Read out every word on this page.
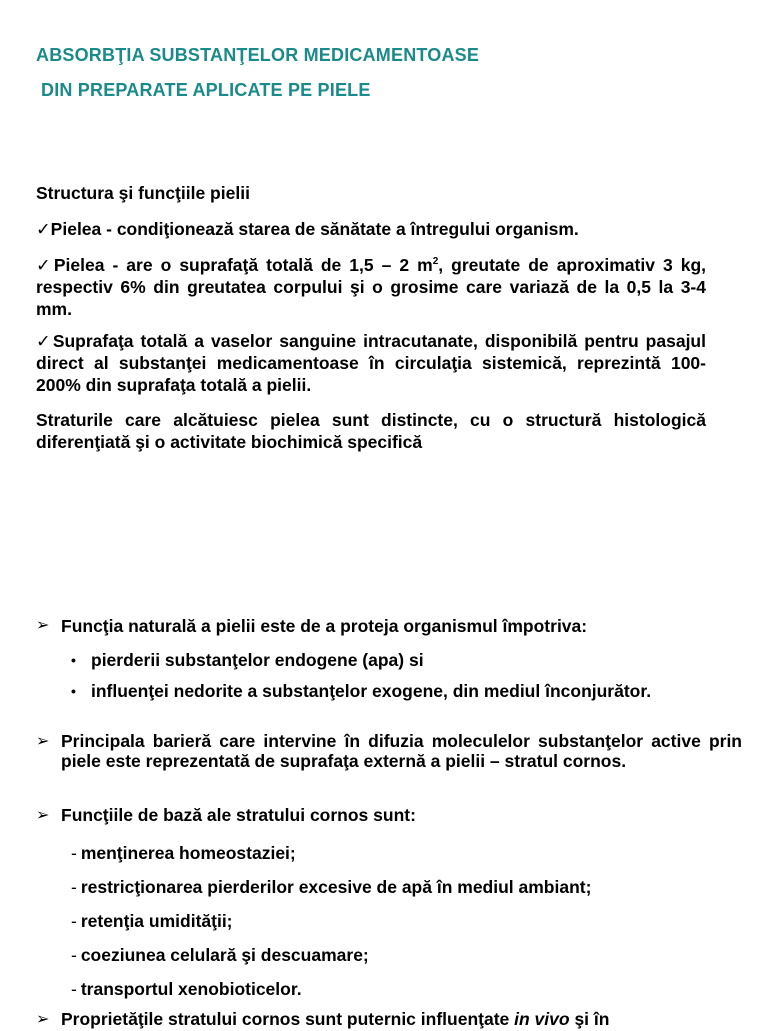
ABSORBŢIA SUBSTANŢELOR MEDICAMENTOASE
DIN PREPARATE APLICATE PE PIELE
Structura şi funcţiile pielii
✓Pielea - condiţionează starea de sănătate a întregului organism.
✓Pielea - are o suprafaţă totală de 1,5 – 2 $m^2$, greutate de aproximativ 3 kg, respectiv 6% din greutatea corpului şi o grosime care variază de la 0,5 la 3-4 mm.
✓Suprafaţa totală a vaselor sanguine intracutanate, disponibilă pentru pasajul direct al substanţei medicamentoase în circulaţia sistemică, reprezintă 100-200% din suprafaţa totală a pielii.
Straturile care alcătuiesc pielea sunt distincte, cu o structură histologică diferenţiată şi o activitate biochimică specifică
➢ Funcţia naturală a pielii este de a proteja organismul împotriva:
• pierderii substanţelor endogene (apa) si
• influenţei nedorite a substanţelor exogene, din mediul înconjurător.
➢ Principala barieră care intervine în difuzia moleculelor substanţelor active prin piele este reprezentată de suprafaţa externă a pielii – stratul cornos.
➢ Funcţiile de bază ale stratului cornos sunt:
- menţinerea homeostaziei;
- restricţionarea pierderilor excesive de apă în mediul ambiant;
- retenţia umidităţii;
- coeziunea celulară şi descuamare;
- transportul xenobioticelor.
➢ Proprietăţile stratului cornos sunt puternic influenţate in vivo şi în
